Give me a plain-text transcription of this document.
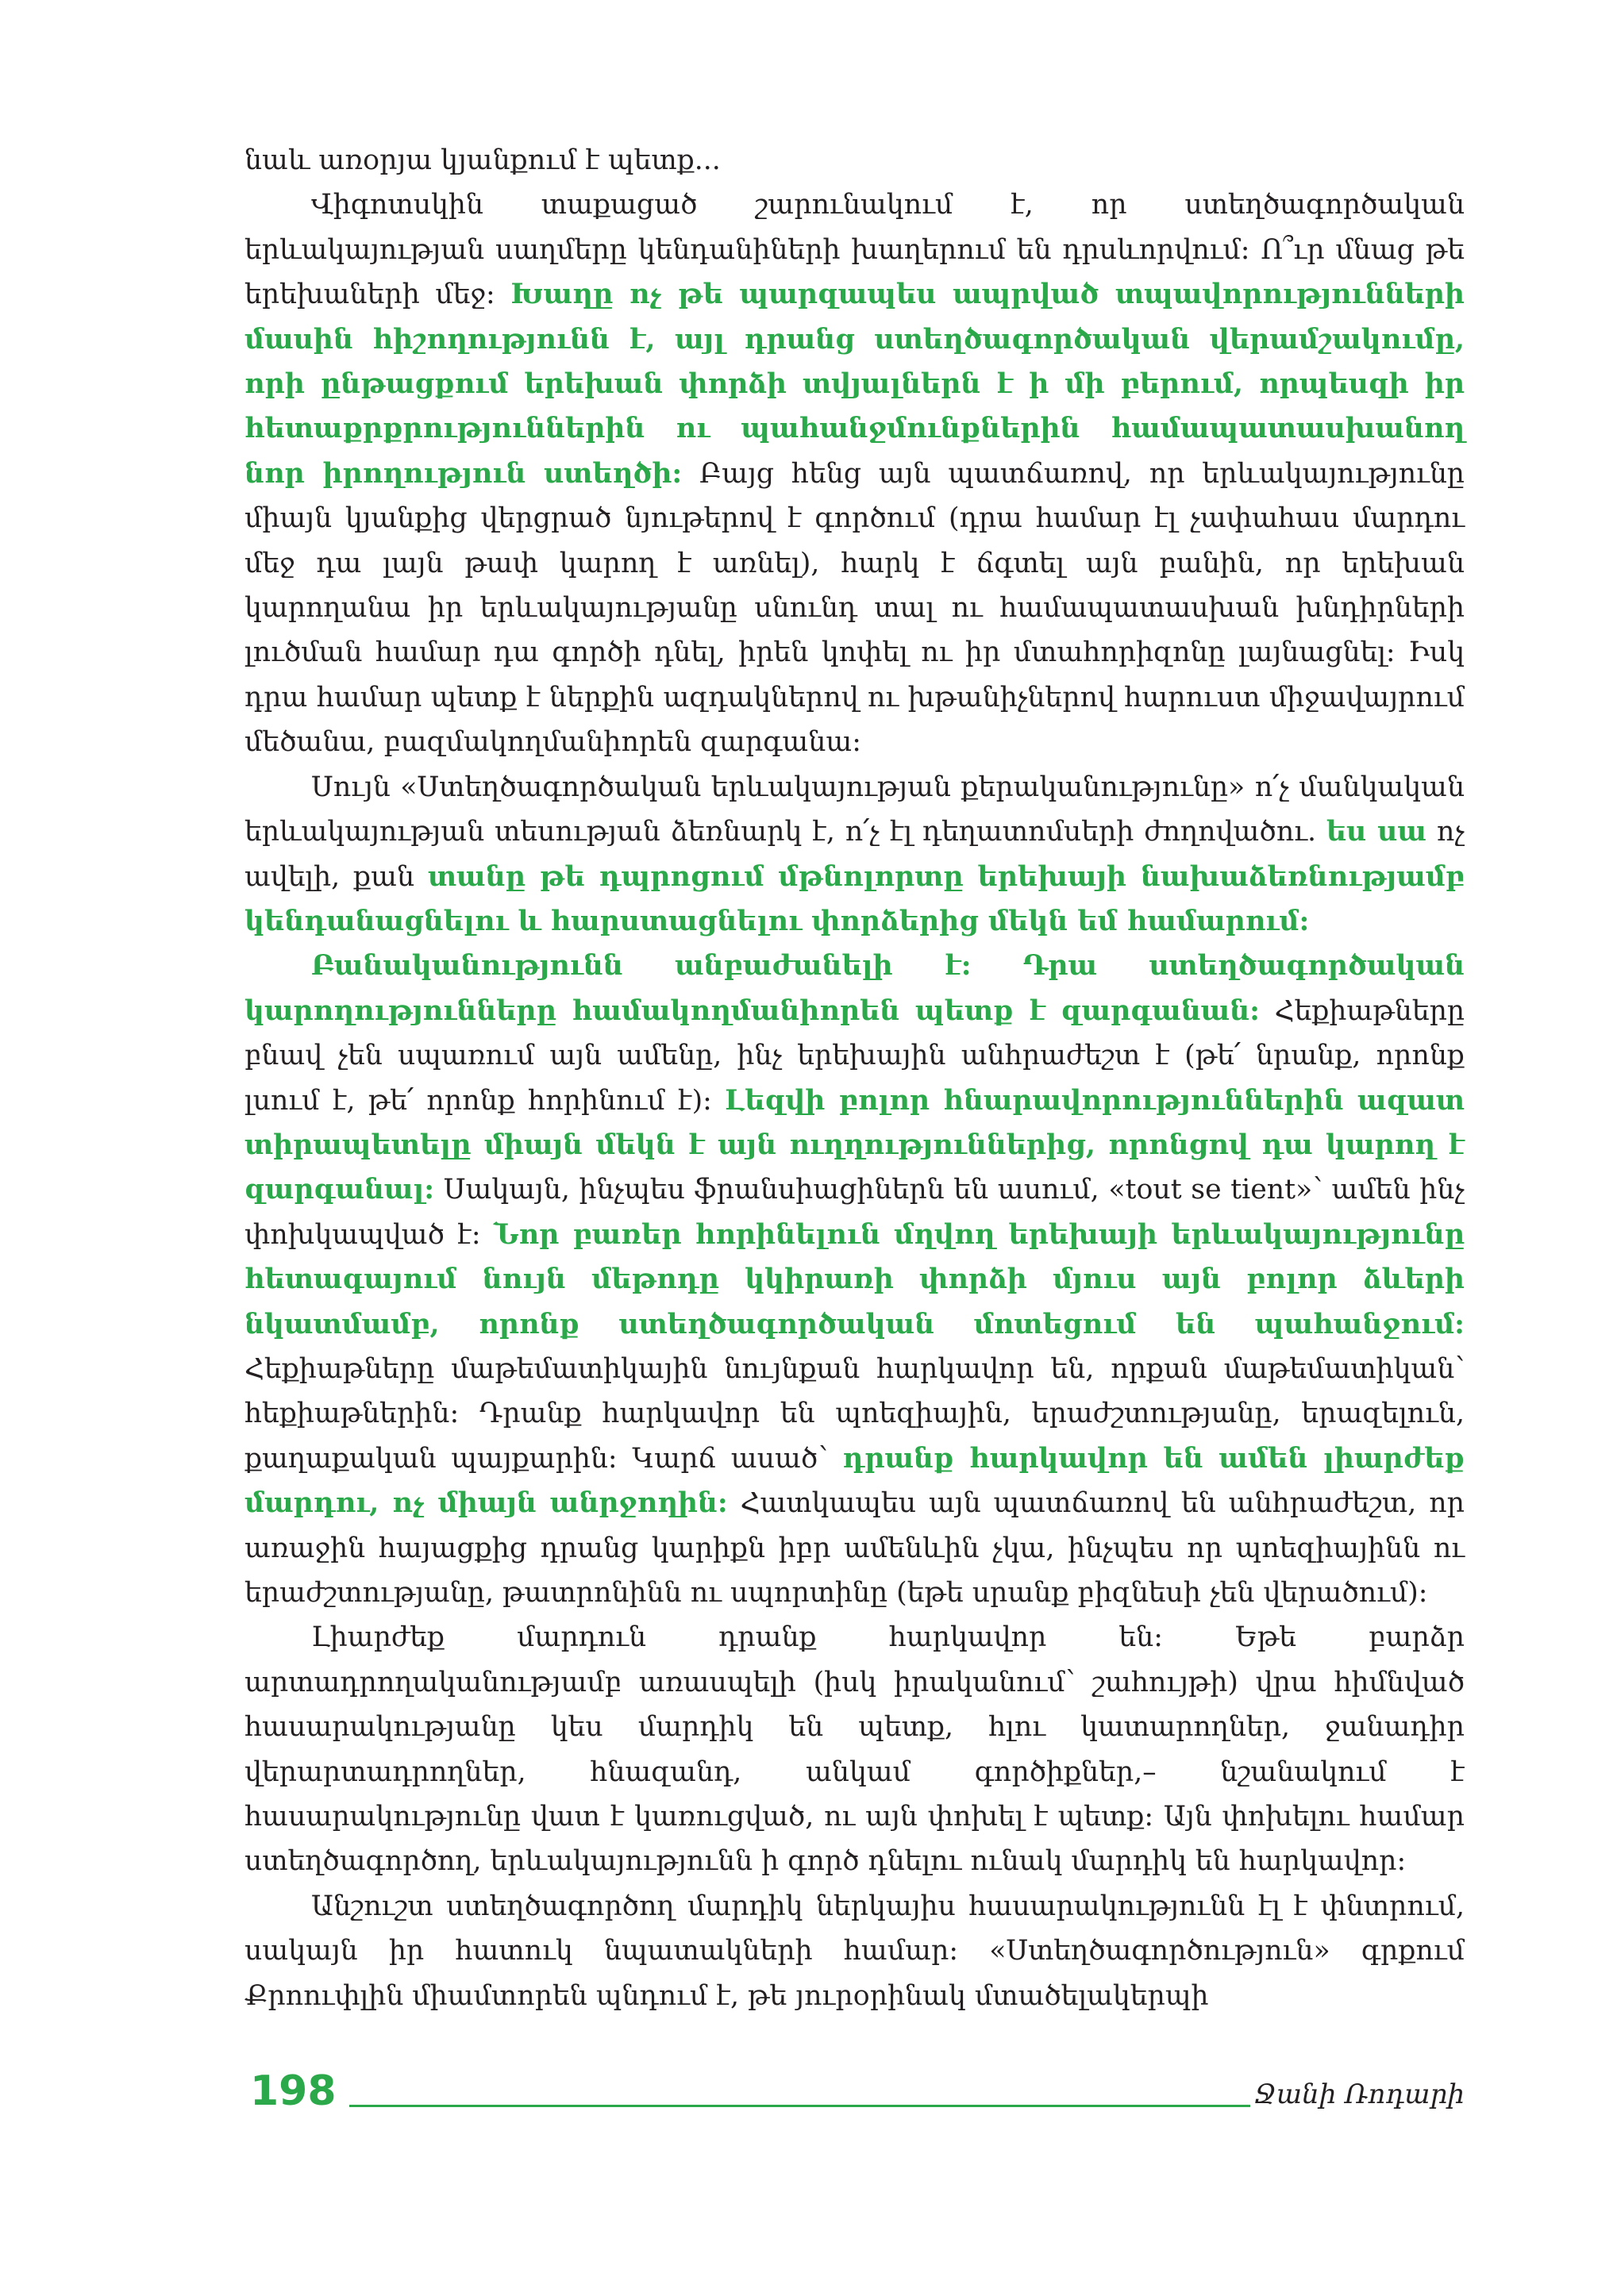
նաև առօրյա կյանքում է պետք...

Վիգոտսկին տաքացած շարունակում է, որ ստեղծագործական երևակայության սաղմերը կենդանիների խաղերում են դրսևորվում: Ո՞ւր մնաց թե երեխաների մեջ: Խաղը ոչ թե պարզապես ապրված տպավորությունների մասին հիշողությունն է, այլ դրանց ստեղծագործական վերամշակումը, որի ընթացքում երեխան փորձի տվյալներն է ի մի բերում, որպեսզի իր հետաքրքրություններին ու պահանջմունքներին համապատասխանող նոր իրողություն ստեղծի: Բայց հենց այն պատճառով, որ երևակայությունը միայն կյանքից վերցրած նյութերով է գործում (դրա համար էլ չափահաս մարդու մեջ դա լայն թափ կարող է առնել), հարկ է ճգտել այն բանին, որ երեխան կարողանա իր երևակայությանը սնունդ տալ ու համապատասխան խնդիրների լուծման համար դա գործի դնել, իրեն կոփել ու իր մտահորիզոնը լայնացնել: Իսկ դրա համար պետք է ներքին ազդակներով ու խթանիչներով հարուստ միջավայրում մեծանա, բազմակողմանիորեն զարգանա:

Սույն «Ստեղծագործական երևակայության քերականությունը» ո՛չ մանկական երևակայության տեսության ձեռնարկ է, ո՛չ էլ դեղատոմսերի ժողովածու. ես սա ոչ ավելի, քան տանը թե դպրոցում մթնոլորտը երեխայի նախաձեռնությամբ կենդանացնելու և հարստացնելու փորձերից մեկն եմ համարում:

Բանականությունն անբաժանելի է: Դրա ստեղծագործական կարողությունները համակողմանիորեն պետք է զարգանան: Հեքիաթները բնավ չեն սպառում այն ամենը, ինչ երեխային անհրաժեշտ է (թե՛ նրանք, որոնք լսում է, թե՛ որոնք հորինում է): Լեզվի բոլոր հնարավորություններին ազատ տիրապետելը միայն մեկն է այն ուղղություններից, որոնցով դա կարող է զարգանալ: Սակայն, ինչպես ֆրանսիացիներն են ասում, «tout se tient»՝ ամեն ինչ փոխկապված է: Նոր բառեր հորինելուն մղվող երեխայի երևակայությունը հետագայում նույն մեթոդը կկիրառի փորձի մյուս այն բոլոր ձևերի նկատմամբ, որոնք ստեղծագործական մոտեցում են պահանջում: Հեքիաթները մաթեմատիկային նույնքան հարկավոր են, որքան մաթեմատիկան՝ հեքիաթներին: Դրանք հարկավոր են պոեզիային, երաժշտությանը, երազելուն, քաղաքական պայքարին: Կարճ ասած՝ դրանք հարկավոր են ամեն լիարժեք մարդու, ոչ միայն անրջողին: Հատկապես այն պատճառով են անհրաժեշտ, որ առաջին հայացքից դրանց կարիքն իբր ամենևին չկա, ինչպես որ պոեզիայինն ու երաժշտությանը, թատրոնինն ու սպորտինը (եթե սրանք բիզնեսի չեն վերածում):

Լիարժեք մարդուն դրանք հարկավոր են: Եթե բարձր արտադրողականությամբ առասպելի (իսկ իրականում՝ շահույթի) վրա հիմնված հասարակությանը կես մարդիկ են պետք, հլու կատարողներ, ջանադիր վերարտադրողներ, հնազանդ, անկամ գործիքներ,– նշանակում է հասարակությունը վատ է կառուցված, ու այն փոխել է պետք: Այն փոխելու համար ստեղծագործող, երևակայությունն ի գործ դնելու ունակ մարդիկ են հարկավոր:

Անշուշտ ստեղծագործող մարդիկ ներկայիս հասարակությունն էլ է փնտրում, սակայն իր հատուկ նպատակների համար: «Ստեղծագործություն» գրքում Քրոուփլին միամտորեն պնդում է, թե յուրօրինակ մտածելակերպի

198	Ջանի Ռոդարի
